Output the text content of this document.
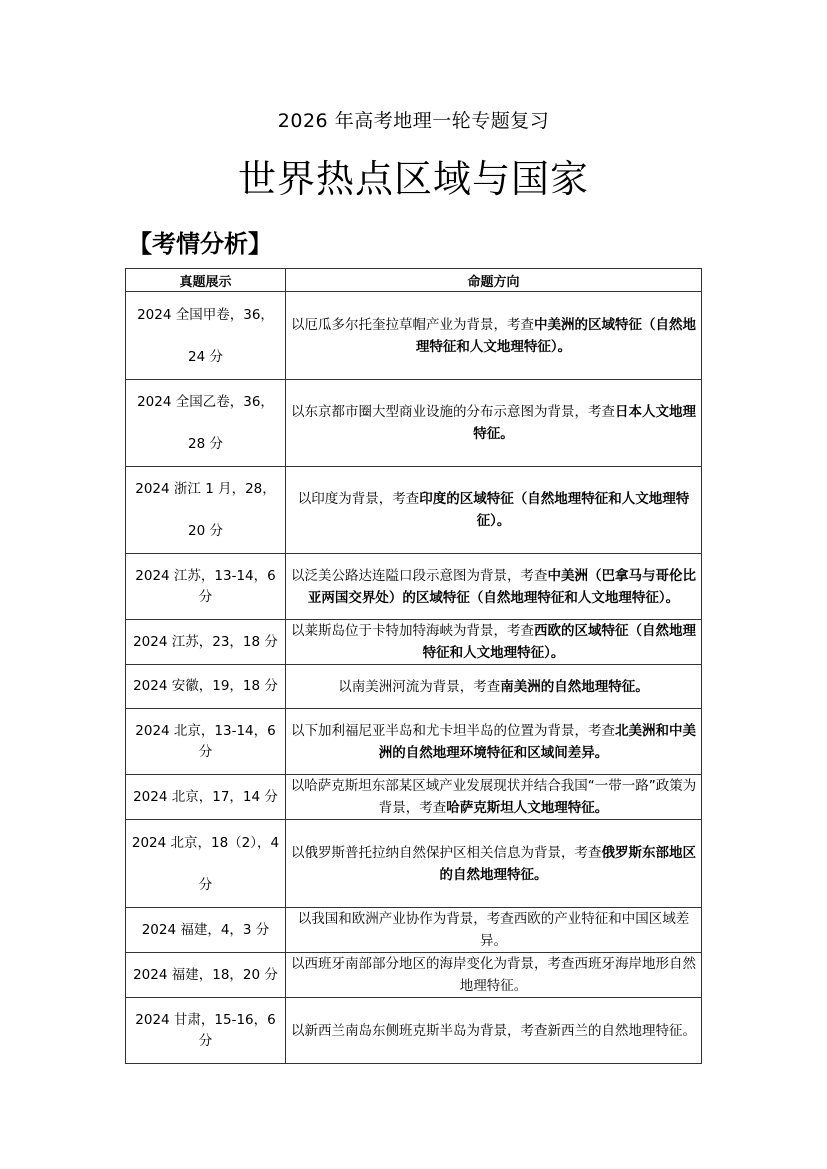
2026 年高考地理一轮专题复习
世界热点区域与国家
【考情分析】
真题展示	命题方向
2024 全国甲卷，36，24 分	以厄瓜多尔托奎拉草帽产业为背景，考查中美洲的区域特征（自然地理特征和人文地理特征）。
2024 全国乙卷，36，28 分	以东京都市圈大型商业设施的分布示意图为背景，考查日本人文地理特征。
2024 浙江 1 月，28，20 分	以印度为背景，考查印度的区域特征（自然地理特征和人文地理特征）。
2024 江苏，13-14，6 分	以泛美公路达连隘口段示意图为背景，考查中美洲（巴拿马与哥伦比亚两国交界处）的区域特征（自然地理特征和人文地理特征）。
2024 江苏，23，18 分	以莱斯岛位于卡特加特海峡为背景，考查西欧的区域特征（自然地理特征和人文地理特征）。
2024 安徽，19，18 分	以南美洲河流为背景，考查南美洲的自然地理特征。
2024 北京，13-14，6 分	以下加利福尼亚半岛和尤卡坦半岛的位置为背景，考查北美洲和中美洲的自然地理环境特征和区域间差异。
2024 北京，17，14 分	以哈萨克斯坦东部某区域产业发展现状并结合我国“一带一路”政策为背景，考查哈萨克斯坦人文地理特征。
2024 北京，18（2），4 分	以俄罗斯普托拉纳自然保护区相关信息为背景，考查俄罗斯东部地区的自然地理特征。
2024 福建，4，3 分	以我国和欧洲产业协作为背景，考查西欧的产业特征和中国区域差异。
2024 福建，18，20 分	以西班牙南部部分地区的海岸变化为背景，考查西班牙海岸地形自然地理特征。
2024 甘肃，15-16，6 分	以新西兰南岛东侧班克斯半岛为背景，考查新西兰的自然地理特征。
